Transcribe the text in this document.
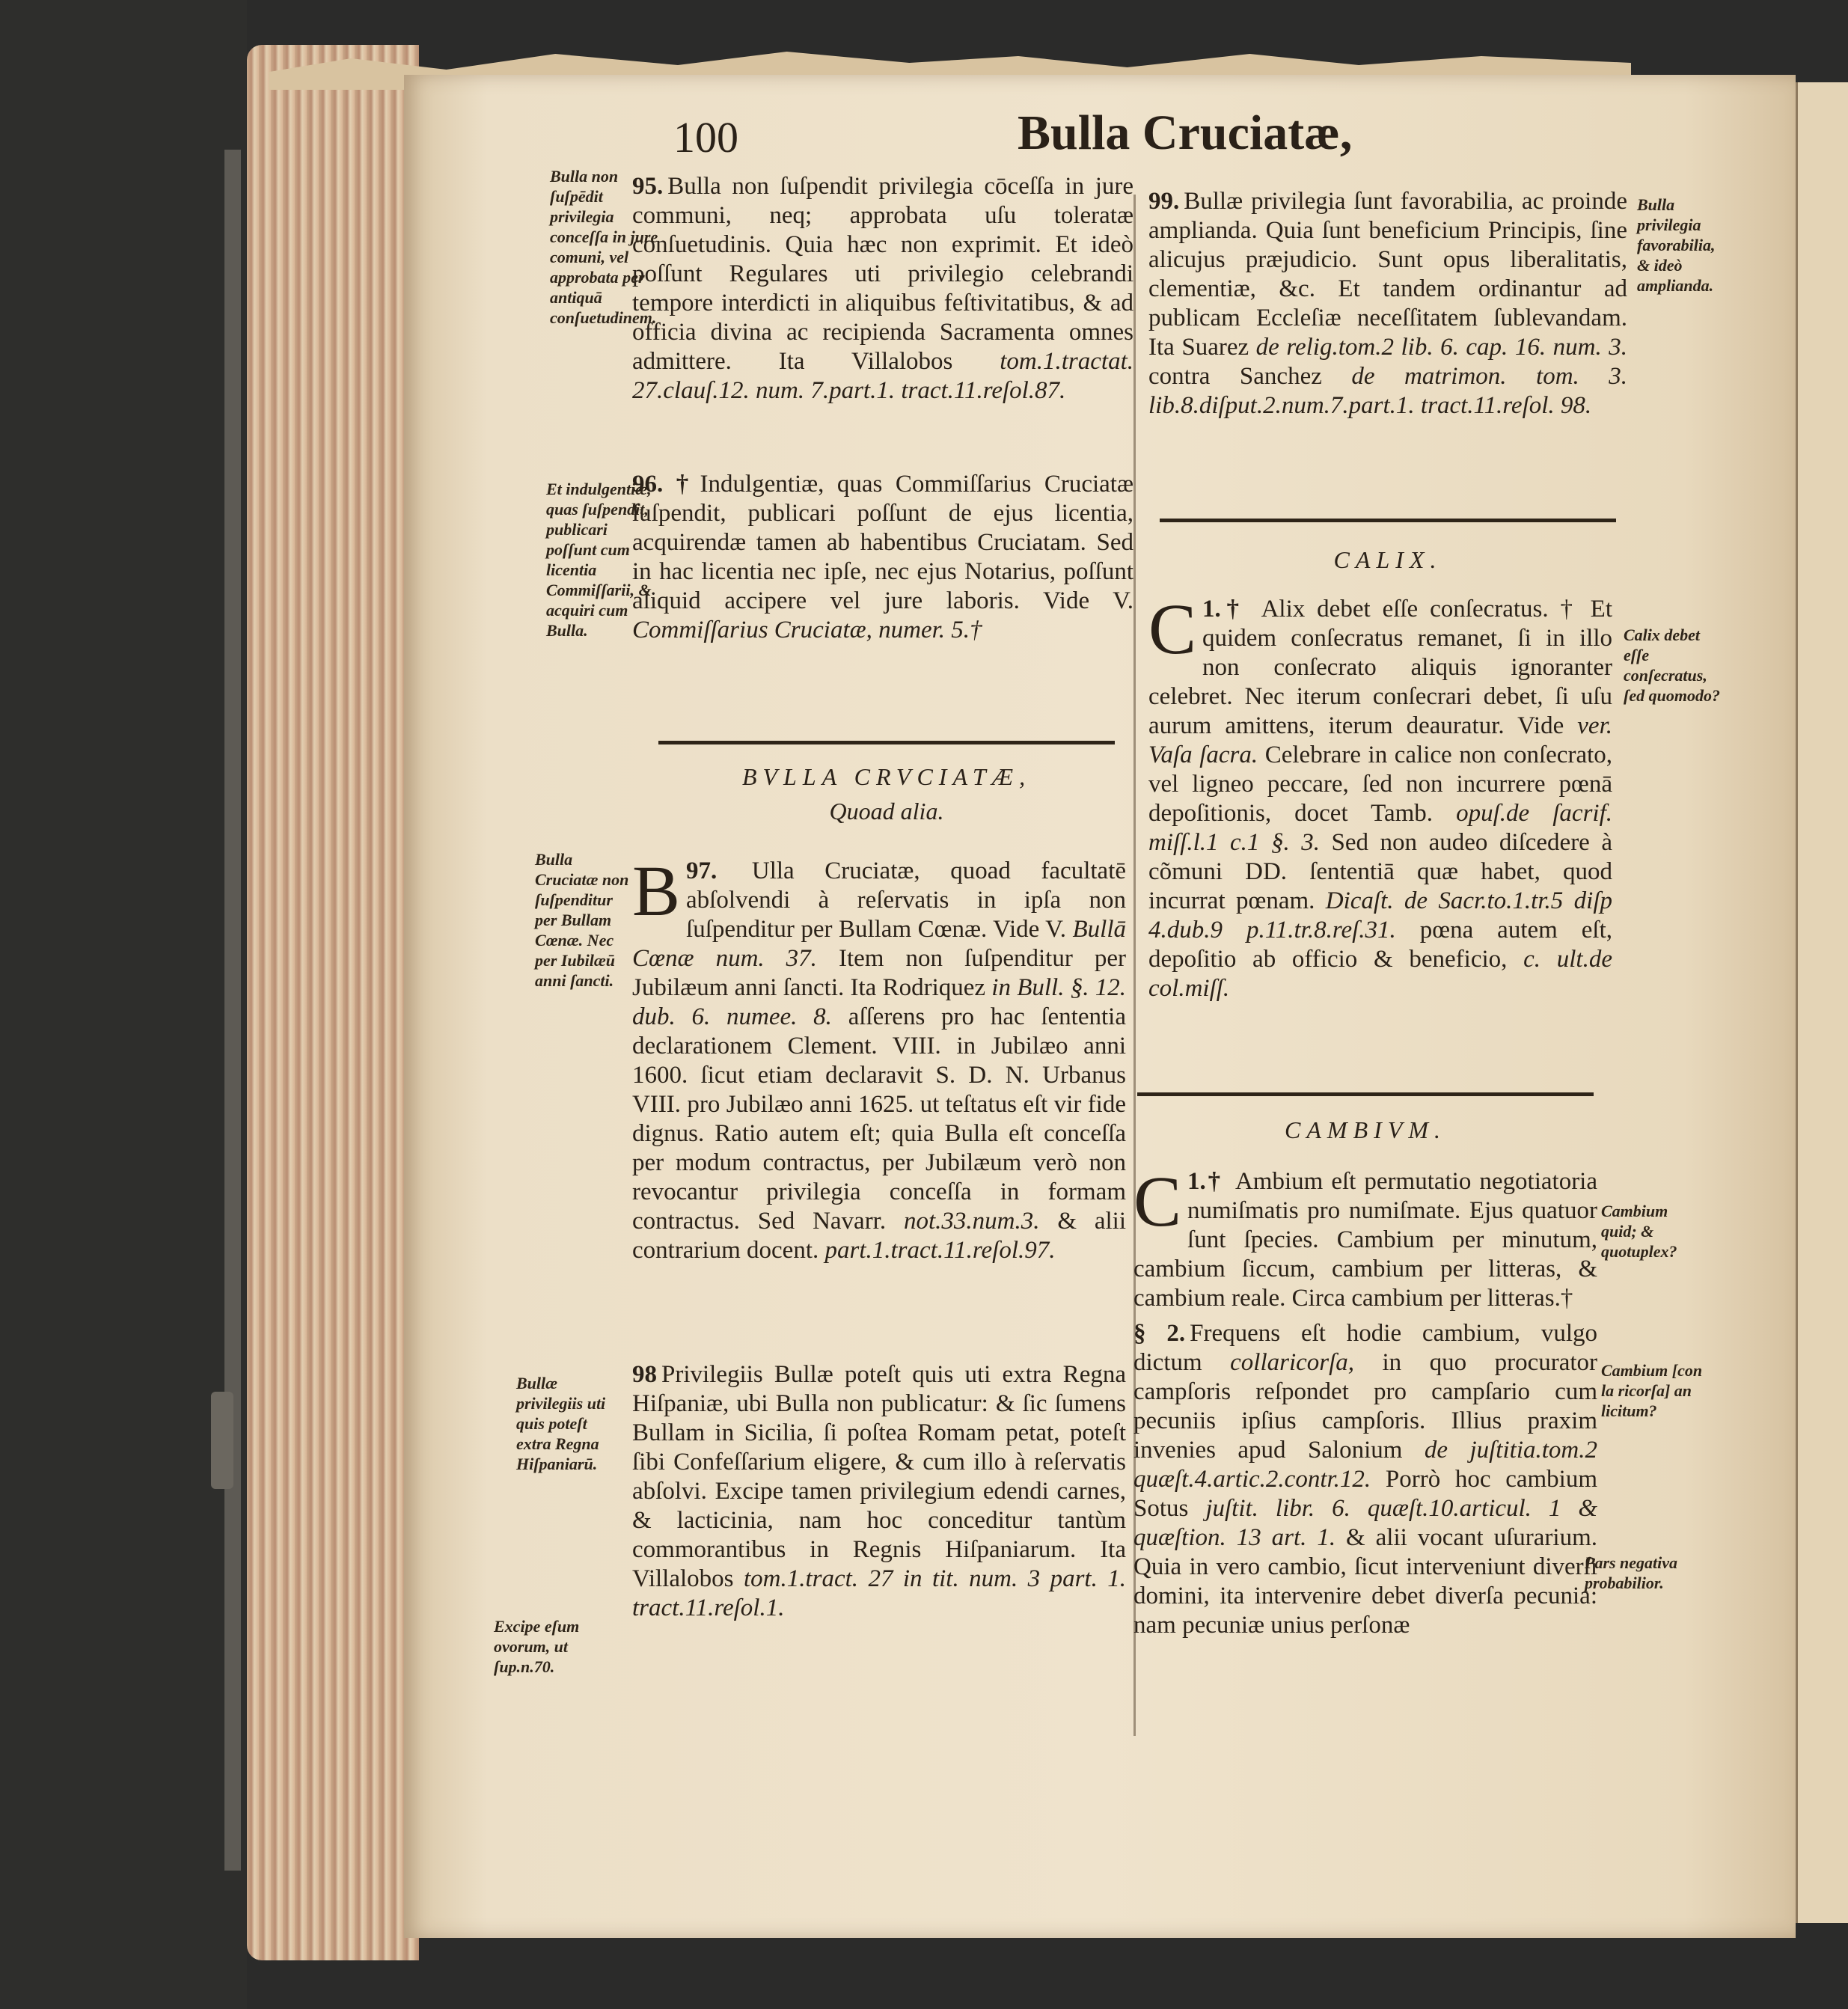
100	Bulla Cruciatæ,

95. Bulla non ſuſpendit privilegia cōceſſa in jure communi, neq; approbata uſu toleratæ conſuetudinis. Quia hæc non exprimit. Et ideò poſſunt Regulares uti privilegio celebrandi tempore interdicti in aliquibus feſtivitatibus, & ad officia divina ac recipienda Sacramenta omnes admittere. Ita Villalobos tom.1.tractat. 27.clauſ.12. num. 7.part.1. tract.11.reſol.87.

96. † Indulgentiæ, quas Commiſſarius Cruciatæ ſuſpendit, publicari poſſunt de ejus licentia, acquirendæ tamen ab habentibus Cruciatam. Sed in hac licentia nec ipſe, nec ejus Notarius, poſſunt aliquid accipere vel jure laboris. Vide V. Commiſſarius Cruciatæ, numer. 5.†

BVLLA CRVCIATÆ,
Quoad alia.

97.
B	Ulla Cruciatæ, quoad facultatē abſolvendi à reſervatis in ipſa non ſuſpenditur per Bullam Cœnæ. Vide V. Bullā Cœnæ num. 37. Item non ſuſpenditur per Jubilæum anni ſancti. Ita Rodriquez in Bull. §. 12. dub. 6. numee. 8. aſſerens pro hac ſententia declarationem Clement. VIII. in Jubilæo anni 1600. ſicut etiam declaravit S. D. N. Urbanus VIII. pro Jubilæo anni 1625. ut teſtatus eſt vir fide dignus. Ratio autem eſt; quia Bulla eſt conceſſa per modum contractus, per Jubilæum verò non revocantur privilegia conceſſa in formam contractus. Sed Navarr. not.33.num.3. & alii contrarium docent. part.1.tract.11.reſol.97.

98 Privilegiis Bullæ poteſt quis uti extra Regna Hiſpaniæ, ubi Bulla non publicatur: & ſic ſumens Bullam in Sicilia, ſi poſtea Romam petat, poteſt ſibi Confeſſarium eligere, & cum illo à reſervatis abſolvi. Excipe tamen privilegium edendi carnes, & lacticinia, nam hoc conceditur tantùm commorantibus in Regnis Hiſpaniarum. Ita Villalobos tom.1.tract. 27 in tit. num. 3 part. 1. tract.11.reſol.1.

99. Bullæ privilegia ſunt favorabilia, ac proinde amplianda. Quia ſunt beneficium Principis, ſine alicujus præjudicio. Sunt opus liberalitatis, clementiæ, &c. Et tandem ordinantur ad publicam Eccleſiæ neceſſitatem ſublevandam. Ita Suarez de relig.tom.2 lib. 6. cap. 16. num. 3. contra Sanchez de matrimon. tom. 3. lib.8.diſput.2.num.7.part.1. tract.11.reſol. 98.

CALIX.

1.†
C	Alix debet eſſe conſecratus. † Et quidem conſecratus remanet, ſi in illo non conſecrato aliquis ignoranter celebret. Nec iterum conſecrari debet, ſi uſu aurum amittens, iterum deauratur. Vide ver. Vaſa ſacra. Celebrare in calice non conſecrato, vel ligneo peccare, ſed non incurrere pœnā depoſitionis, docet Tamb. opuſ.de ſacrif. miſſ.l.1 c.1 §. 3. Sed non audeo diſcedere à cõmuni DD. ſententiā quæ habet, quod incurrat pœnam. Dicaſt. de Sacr.to.1.tr.5 diſp 4.dub.9 p.11.tr.8.reſ.31. pœna autem eſt, depoſitio ab officio & beneficio, c. ult.de col.miſſ.

CAMBIVM.

1.†
C Ambium eſt permutatio negotiatoria numiſmatis pro numiſmate. Ejus quatuor ſunt ſpecies. Cambium per minutum, cambium ſiccum, cambium per litteras, & cambium reale. Circa cambium per litteras.†

§ 2. Frequens eſt hodie cambium, vulgo dictum collaricorſa, in quo procurator campſoris reſpondet pro campſario cum pecuniis ipſius campſoris. Illius praxim invenies apud Salonium de juſtitia.tom.2 quæſt.4.artic.2.contr.12. Porrò hoc cambium Sotus juſtit. libr. 6. quæſt.10.articul. 1 & quæſtion. 13 art. 1. & alii vocant uſurarium. Quia in vero cambio, ſicut interveniunt diverſi domini, ita intervenire debet diverſa pecunia: nam pecuniæ unius perſonæ

Bulla non ſuſpēdit privilegia conceſſa in jure comuni, vel approbata per antiquā conſuetudinem.
Et indulgentiæ, quas ſuſpendit, publicari poſſunt cum licentia Commiſſarii, & acquiri cum Bulla.
Bulla Cruciatæ non ſuſpenditur per Bullam Cœnæ. Nec per Iubilæū anni ſancti.
Bullæ privilegiis uti quis poteſt extra Regna Hiſpaniarū.
Excipe eſum ovorum, ut ſup.n.70.
Bulla privilegia favorabilia, & ideò amplianda.
Calix debet eſſe conſecratus, ſed quomodo?
Cambium quid; & quotuplex?
Cambium [con la ricorſa] an licitum?
Pars negativa probabilior.
